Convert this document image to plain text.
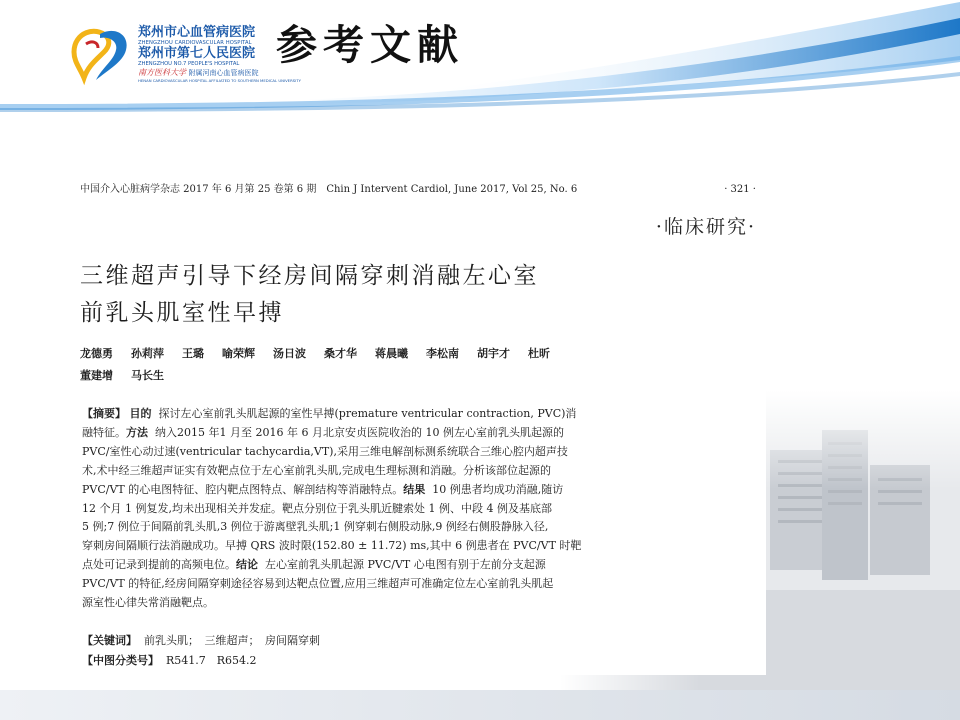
郑州市心血管病医院
ZHENGZHOU CARDIOVASCULAR HOSPITAL
郑州市第七人民医院
ZHENGZHOU NO.7 PEOPLE'S HOSPITAL
南方医科大学 附属河南心血管病医院
HENAN CARDIOVASCULAR HOSPITAL AFFILIATED TO SOUTHERN MEDICAL UNIVERSITY
参考文献
中国介入心脏病学杂志 2017 年 6 月第 25 卷第 6 期　Chin J Intervent Cardiol, June 2017, Vol 25, No. 6	· 321 ·
·临床研究·
三维超声引导下经房间隔穿刺消融左心室
前乳头肌室性早搏
龙德勇 孙莉萍 王璐 喻荣辉 汤日波 桑才华 蒋晨曦 李松南 胡宇才 杜昕
董建增 马长生
【摘要】 目的 探讨左心室前乳头肌起源的室性早搏(premature ventricular contraction, PVC)消
融特征。方法 纳入2015 年1 月至 2016 年 6 月北京安贞医院收治的 10 例左心室前乳头肌起源的
PVC/室性心动过速(ventricular tachycardia,VT),采用三维电解剖标测系统联合三维心腔内超声技
术,术中经三维超声证实有效靶点位于左心室前乳头肌,完成电生理标测和消融。分析该部位起源的
PVC/VT 的心电图特征、腔内靶点图特点、解剖结构等消融特点。结果 10 例患者均成功消融,随访
12 个月 1 例复发,均未出现相关并发症。靶点分别位于乳头肌近腱索处 1 例、中段 4 例及基底部
5 例;7 例位于间隔前乳头肌,3 例位于游离壁乳头肌;1 例穿刺右侧股动脉,9 例经右侧股静脉入径,
穿刺房间隔顺行法消融成功。早搏 QRS 波时限(152.80 ± 11.72) ms,其中 6 例患者在 PVC/VT 时靶
点处可记录到提前的高频电位。结论 左心室前乳头肌起源 PVC/VT 心电图有别于左前分支起源
PVC/VT 的特征,经房间隔穿刺途径容易到达靶点位置,应用三维超声可准确定位左心室前乳头肌起
源室性心律失常消融靶点。
【关键词】 前乳头肌；　三维超声；　房间隔穿刺
【中图分类号】 R541.7　R654.2
